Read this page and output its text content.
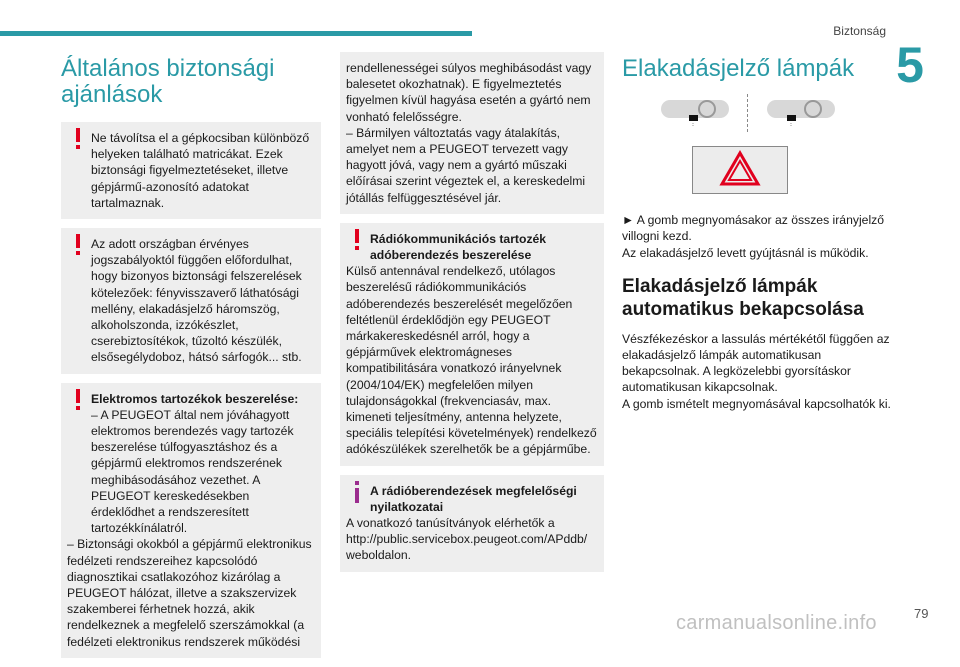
Biztonság
5
Általános biztonsági ajánlások

Ne távolítsa el a gépkocsiban különböző helyeken található matricákat. Ezek biztonsági figyelmeztetéseket, illetve gépjármű-azonosító adatokat tartalmaznak.

Az adott országban érvényes jogszabályoktól függően előfordulhat, hogy bizonyos biztonsági felszerelések kötelezőek: fényvisszaverő láthatósági mellény, elakadásjelző háromszög, alkoholszonda, izzókészlet, cserebiztosítékok, tűzoltó készülék, elsősegélydoboz, hátsó sárfogók... stb.

Elektromos tartozékok beszerelése:

– A PEUGEOT által nem jóváhagyott elektromos berendezés vagy tartozék beszerelése túlfogyasztáshoz és a gépjármű elektromos rendszerének meghibásodásához vezethet. A PEUGEOT kereskedésekben érdeklődhet a rendszeresített tartozékkínálatról.

– Biztonsági okokból a gépjármű elektronikus fedélzeti rendszereihez kapcsolódó diagnosztikai csatlakozóhoz kizárólag a PEUGEOT hálózat, illetve a szakszervizek szakemberei férhetnek hozzá, akik rendelkeznek a megfelelő szerszámokkal (a fedélzeti elektronikus rendszerek működési

rendellenességei súlyos meghibásodást vagy balesetet okozhatnak). E figyelmeztetés figyelmen kívül hagyása esetén a gyártó nem vonható felelősségre.

– Bármilyen változtatás vagy átalakítás, amelyet nem a PEUGEOT tervezett vagy hagyott jóvá, vagy nem a gyártó műszaki előírásai szerint végeztek el, a kereskedelmi jótállás felfüggesztésével jár.

Rádiókommunikációs tartozék adóberendezés beszerelése

Külső antennával rendelkező, utólagos beszerelésű rádiókommunikációs adóberendezés beszerelését megelőzően feltétlenül érdeklődjön egy PEUGEOT márkakereskedésnél arról, hogy a gépjárművek elektromágneses kompatibilitására vonatkozó irányelvnek (2004/104/EK) megfelelően milyen tulajdonságokkal (frekvenciasáv, max. kimeneti teljesítmény, antenna helyzete, speciális telepítési követelmények) rendelkező adókészülékek szerelhetők be a gépjárműbe.

A rádióberendezések megfelelőségi nyilatkozatai

A vonatkozó tanúsítványok elérhetők a http://public.servicebox.peugeot.com/APddb/ weboldalon.

Elakadásjelző lámpák

► A gomb megnyomásakor az összes irányjelző villogni kezd.

Az elakadásjelző levett gyújtásnál is működik.

Elakadásjelző lámpák automatikus bekapcsolása

Vészfékezéskor a lassulás mértékétől függően az elakadásjelző lámpák automatikusan bekapcsolnak. A legközelebbi gyorsításkor automatikusan kikapcsolnak.

A gomb ismételt megnyomásával kapcsolhatók ki.

79
carmanualsonline.info
